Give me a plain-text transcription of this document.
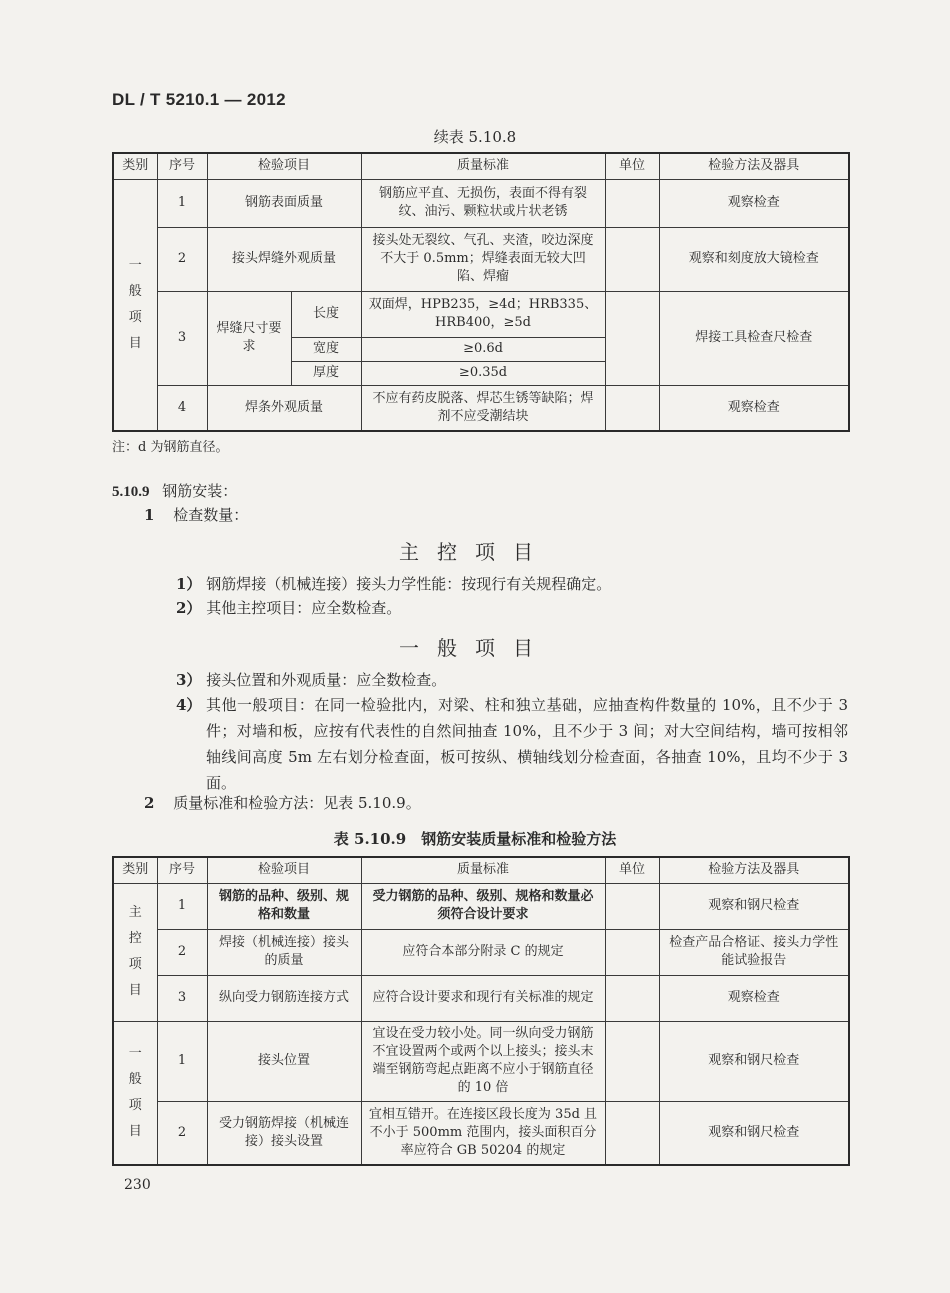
DL / T 5210.1 — 2012
续表 5.10.8
类别	序号	检验项目		质量标准	单位	检验方法及器具

一
般
项
目	1	钢筋表面质量		钢筋应平直、无损伤，表面不得有裂纹、油污、颗粒状或片状老锈		观察检查
	2	接头焊缝外观质量		接头处无裂纹、气孔、夹渣，咬边深度不大于 0.5mm；焊缝表面无较大凹陷、焊瘤		观察和刻度放大镜检查
	3	焊缝尺寸要求	长度	双面焊，HPB235，≥4d；HRB335、HRB400，≥5d		焊接工具检查尺检查
			宽度	≥0.6d		
			厚度	≥0.35d		
	4	焊条外观质量		不应有药皮脱落、焊芯生锈等缺陷；焊剂不应受潮结块		观察检查
注：d 为钢筋直径。
5.10.9 钢筋安装：
1 检查数量：
主控项目
1） 钢筋焊接（机械连接）接头力学性能：按现行有关规程确定。
2） 其他主控项目：应全数检查。
一般项目
3） 接头位置和外观质量：应全数检查。
4） 其他一般项目：在同一检验批内，对梁、柱和独立基础，应抽查构件数量的 10%，且不少于 3 件；对墙和板，应按有代表性的自然间抽查 10%，且不少于 3 间；对大空间结构，墙可按相邻轴线间高度 5m 左右划分检查面，板可按纵、横轴线划分检查面，各抽查 10%，且均不少于 3 面。
2 质量标准和检验方法：见表 5.10.9。
表 5.10.9　钢筋安装质量标准和检验方法
类别	序号	检验项目	质量标准	单位	检验方法及器具

主
控
项
目	1	钢筋的品种、级别、规格和数量	受力钢筋的品种、级别、规格和数量必须符合设计要求		观察和钢尺检查
	2	焊接（机械连接）接头的质量	应符合本部分附录 C 的规定		检查产品合格证、接头力学性能试验报告
	3	纵向受力钢筋连接方式	应符合设计要求和现行有关标准的规定		观察检查

一
般
项
目	1	接头位置	宜设在受力较小处。同一纵向受力钢筋不宜设置两个或两个以上接头；接头末端至钢筋弯起点距离不应小于钢筋直径的 10 倍		观察和钢尺检查
	2	受力钢筋焊接（机械连接）接头设置	宜相互错开。在连接区段长度为 35d 且不小于 500mm 范围内，接头面积百分率应符合 GB 50204 的规定		观察和钢尺检查
230
